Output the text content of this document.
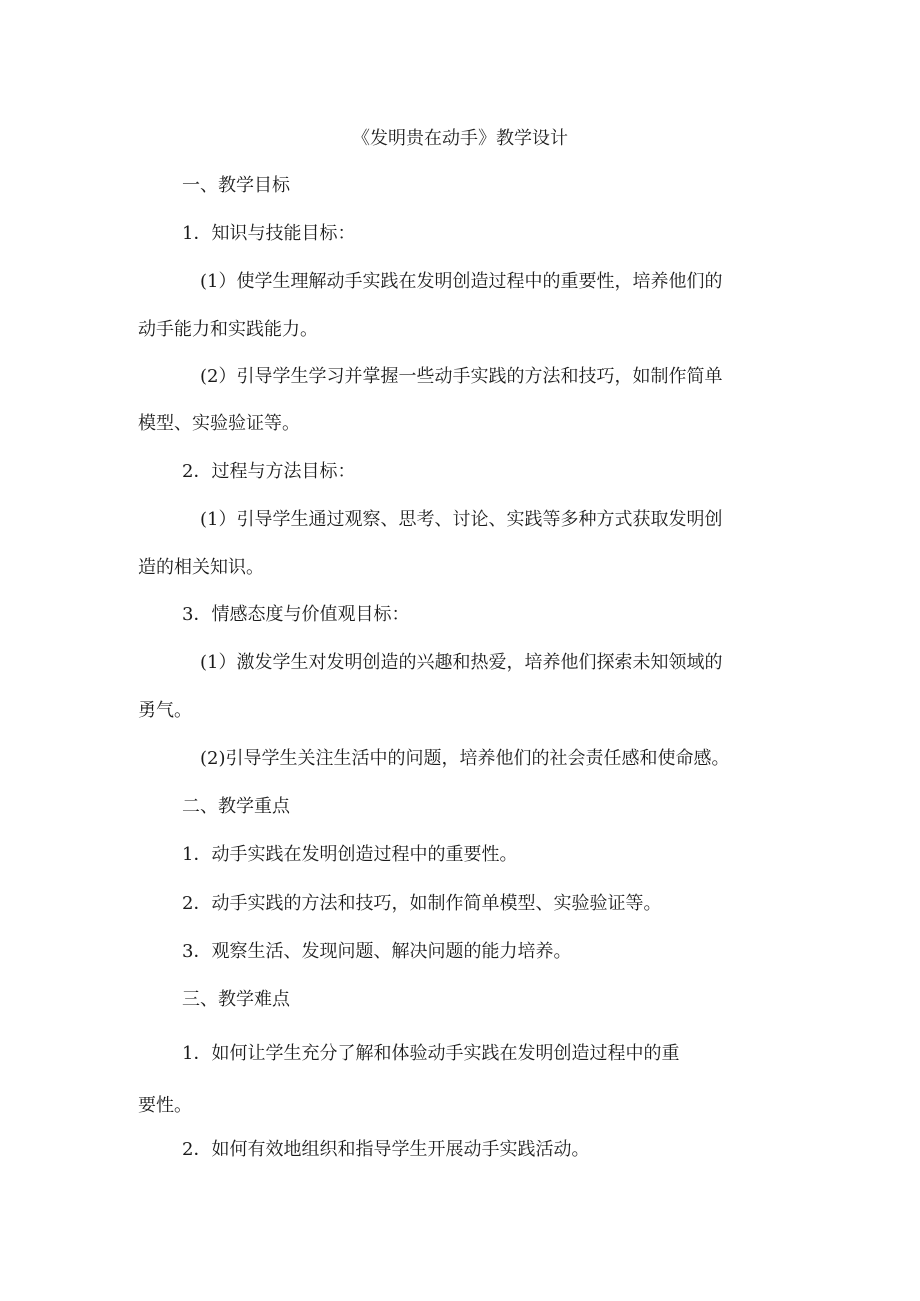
《发明贵在动手》教学设计
一、教学目标
1．知识与技能目标：
(1）使学生理解动手实践在发明创造过程中的重要性，培养他们的
动手能力和实践能力。
(2）引导学生学习并掌握一些动手实践的方法和技巧，如制作简单
模型、实验验证等。
2．过程与方法目标：
(1）引导学生通过观察、思考、讨论、实践等多种方式获取发明创
造的相关知识。
3．情感态度与价值观目标：
(1）激发学生对发明创造的兴趣和热爱，培养他们探索未知领域的
勇气。
(2)引导学生关注生活中的问题，培养他们的社会责任感和使命感。
二、教学重点
1．动手实践在发明创造过程中的重要性。
2．动手实践的方法和技巧，如制作简单模型、实验验证等。
3．观察生活、发现问题、解决问题的能力培养。
三、教学难点
1．如何让学生充分了解和体验动手实践在发明创造过程中的重
要性。
2．如何有效地组织和指导学生开展动手实践活动。
